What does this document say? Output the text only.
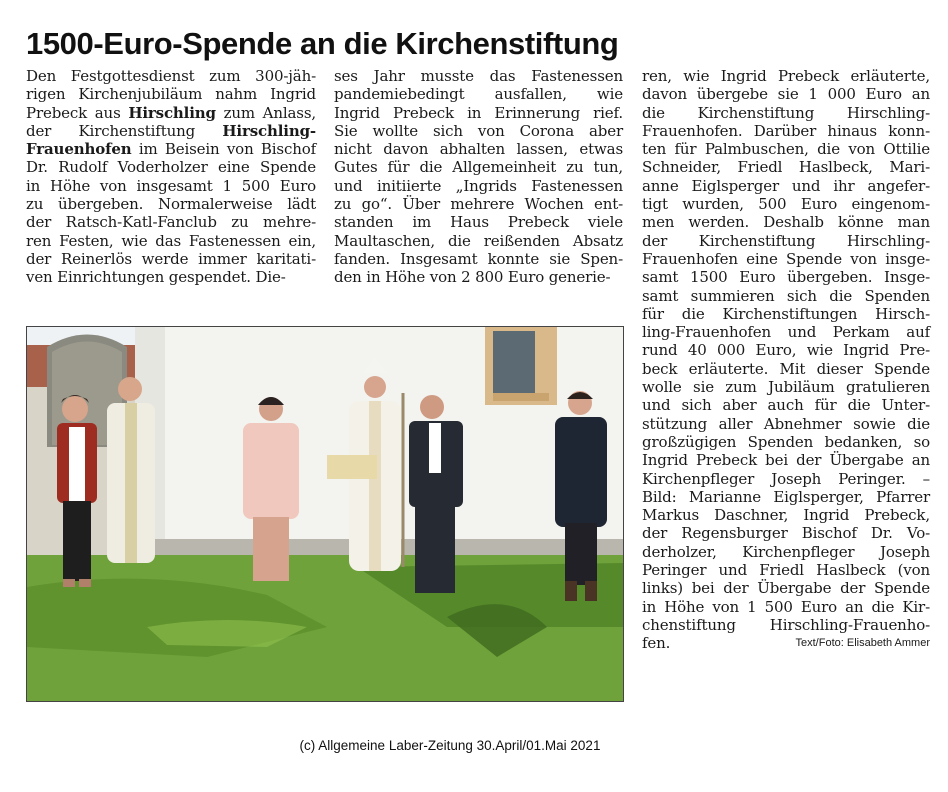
1500-Euro-Spende an die Kirchenstiftung
Den Festgottesdienst zum 300-jäh-
rigen Kirchenjubiläum nahm Ingrid
Prebeck aus Hirschling zum Anlass,
der Kirchenstiftung Hirschling-
Frauenhofen im Beisein von Bischof
Dr. Rudolf Voderholzer eine Spende
in Höhe von insgesamt 1 500 Euro
zu übergeben. Normalerweise lädt
der Ratsch-Katl-Fanclub zu mehre-
ren Festen, wie das Fastenessen ein,
der Reinerlös werde immer karitati-
ven Einrichtungen gespendet. Die-
ses Jahr musste das Fastenessen
pandemiebedingt ausfallen, wie
Ingrid Prebeck in Erinnerung rief.
Sie wollte sich von Corona aber
nicht davon abhalten lassen, etwas
Gutes für die Allgemeinheit zu tun,
und initiierte „Ingrids Fastenessen
zu go“. Über mehrere Wochen ent-
standen im Haus Prebeck viele
Maultaschen, die reißenden Absatz
fanden. Insgesamt konnte sie Spen-
den in Höhe von 2 800 Euro generie-
ren, wie Ingrid Prebeck erläuterte,
davon übergebe sie 1 000 Euro an
die Kirchenstiftung Hirschling-
Frauenhofen. Darüber hinaus konn-
ten für Palmbuschen, die von Ottilie
Schneider, Friedl Haslbeck, Mari-
anne Eiglsperger und ihr angefer-
tigt wurden, 500 Euro eingenom-
men werden. Deshalb könne man
der Kirchenstiftung Hirschling-
Frauenhofen eine Spende von insge-
samt 1500 Euro übergeben. Insge-
samt summieren sich die Spenden
für die Kirchenstiftungen Hirsch-
ling-Frauenhofen und Perkam auf
rund 40 000 Euro, wie Ingrid Pre-
beck erläuterte. Mit dieser Spende
wolle sie zum Jubiläum gratulieren
und sich aber auch für die Unter-
stützung aller Abnehmer sowie die
großzügigen Spenden bedanken, so
Ingrid Prebeck bei der Übergabe an
Kirchenpfleger Joseph Peringer. –
Bild: Marianne Eiglsperger, Pfarrer
Markus Daschner, Ingrid Prebeck,
der Regensburger Bischof Dr. Vo-
derholzer, Kirchenpfleger Joseph
Peringer und Friedl Haslbeck (von
links) bei der Übergabe der Spende
in Höhe von 1 500 Euro an die Kir-
chenstiftung Hirschling-Frauenho-
fen.	Text/Foto: Elisabeth Ammer
(c) Allgemeine Laber-Zeitung 30.April/01.Mai 2021
